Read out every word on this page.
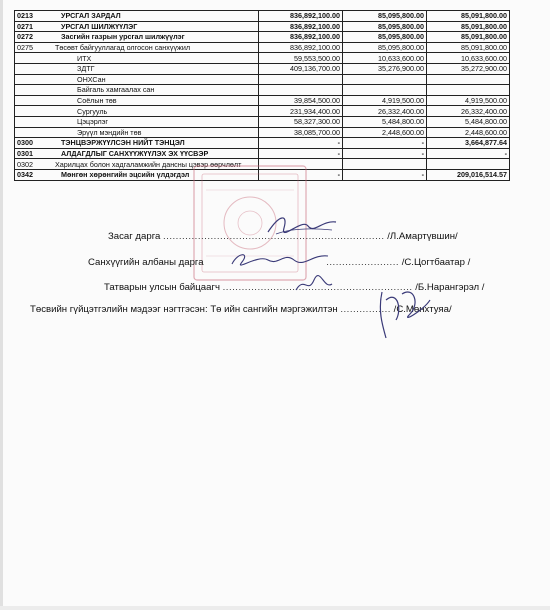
0213 УРСГАЛ ЗАРДАЛ	836,892,100.00	85,095,800.00	85,091,800.00
0271 УРСГАЛ ШИЛЖҮҮЛЭГ	836,892,100.00	85,095,800.00	85,091,800.00
0272 Засгийн газрын урсгал шилжүүлэг	836,892,100.00	85,095,800.00	85,091,800.00
0275 Төсөвт байгууллагад олгосон санхүүжил	836,892,100.00	85,095,800.00	85,091,800.00
ИТХ	59,553,500.00	10,633,600.00	10,633,600.00
ЗДТГ	409,136,700.00	35,276,900.00	35,272,900.00
ОНХСан			
Байгаль хамгаалах сан			
Соёлын төв	39,854,500.00	4,919,500.00	4,919,500.00
Сургууль	231,934,400.00	26,332,400.00	26,332,400.00
Цэцэрлэг	58,327,300.00	5,484,800.00	5,484,800.00
Эрүүл мэндийн төв	38,085,700.00	2,448,600.00	2,448,600.00
0300 ТЭНЦВЭРЖҮҮЛСЭН НИЙТ ТЭНЦЭЛ	-	-	3,664,877.64
0301 АЛДАГДЛЫГ САНХҮҮЖҮҮЛЭХ ЭХ ҮҮСВЭР	-	-	-
0302 Харилцах болон хадгаламжийн дансны цэвэр өөрчлөлт			
0342 Мөнгөн хөрөнгийн эцсийн үлдэгдэл	-	-	209,016,514.57
Засаг дарга ...................................................................... /Л.Амартүвшин/
Санхүүгийн албаны дарга	....................... /С.Цогтбаатар /
Татварын улсын байцаагч ............................................................ /Б.Нарангэрэл /
Төсвийн гүйцэтгэлийн мэдээг нэгтгэсэн: Тө ийн сангийн мэргэжилтэн ................ /С.Мөнхтуяа/
